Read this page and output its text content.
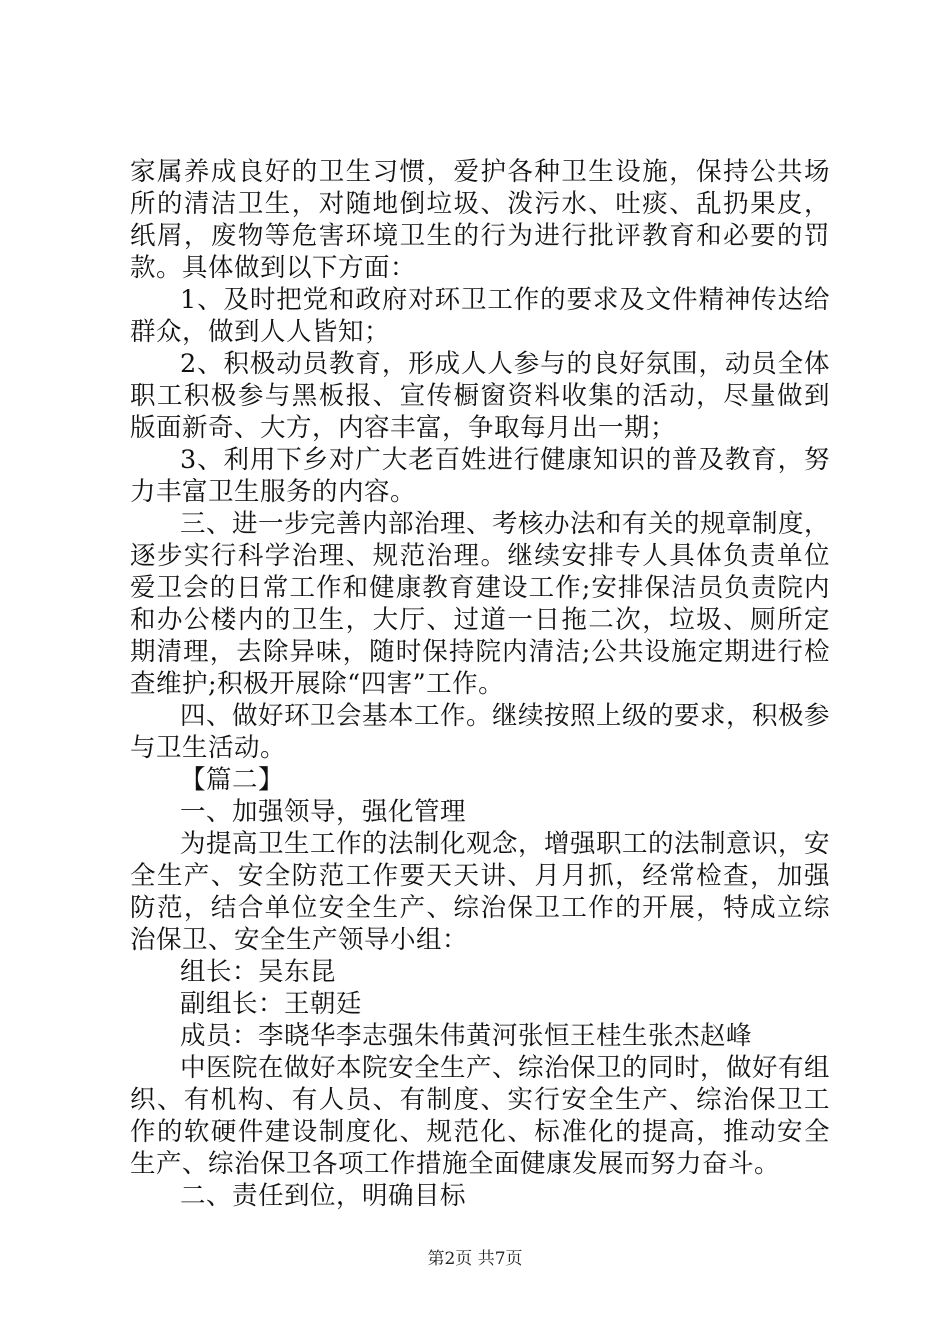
家属养成良好的卫生习惯，爱护各种卫生设施，保持公共场所的清洁卫生，对随地倒垃圾、泼污水、吐痰、乱扔果皮，纸屑，废物等危害环境卫生的行为进行批评教育和必要的罚款。具体做到以下方面：

1、及时把党和政府对环卫工作的要求及文件精神传达给群众，做到人人皆知；

2、积极动员教育，形成人人参与的良好氛围，动员全体职工积极参与黑板报、宣传橱窗资料收集的活动，尽量做到版面新奇、大方，内容丰富，争取每月出一期；

3、利用下乡对广大老百姓进行健康知识的普及教育，努力丰富卫生服务的内容。

三、进一步完善内部治理、考核办法和有关的规章制度，逐步实行科学治理、规范治理。继续安排专人具体负责单位爱卫会的日常工作和健康教育建设工作;安排保洁员负责院内和办公楼内的卫生，大厅、过道一日拖二次，垃圾、厕所定期清理，去除异味，随时保持院内清洁;公共设施定期进行检查维护;积极开展除“四害”工作。

四、做好环卫会基本工作。继续按照上级的要求，积极参与卫生活动。

【篇二】

一、加强领导，强化管理

为提高卫生工作的法制化观念，增强职工的法制意识，安全生产、安全防范工作要天天讲、月月抓，经常检查，加强防范，结合单位安全生产、综治保卫工作的开展，特成立综治保卫、安全生产领导小组：

组长：吴东昆

副组长：王朝廷

成员：李晓华李志强朱伟黄河张恒王桂生张杰赵峰

中医院在做好本院安全生产、综治保卫的同时，做好有组织、有机构、有人员、有制度、实行安全生产、综治保卫工作的软硬件建设制度化、规范化、标准化的提高，推动安全生产、综治保卫各项工作措施全面健康发展而努力奋斗。

二、责任到位，明确目标

第2页 共7页
